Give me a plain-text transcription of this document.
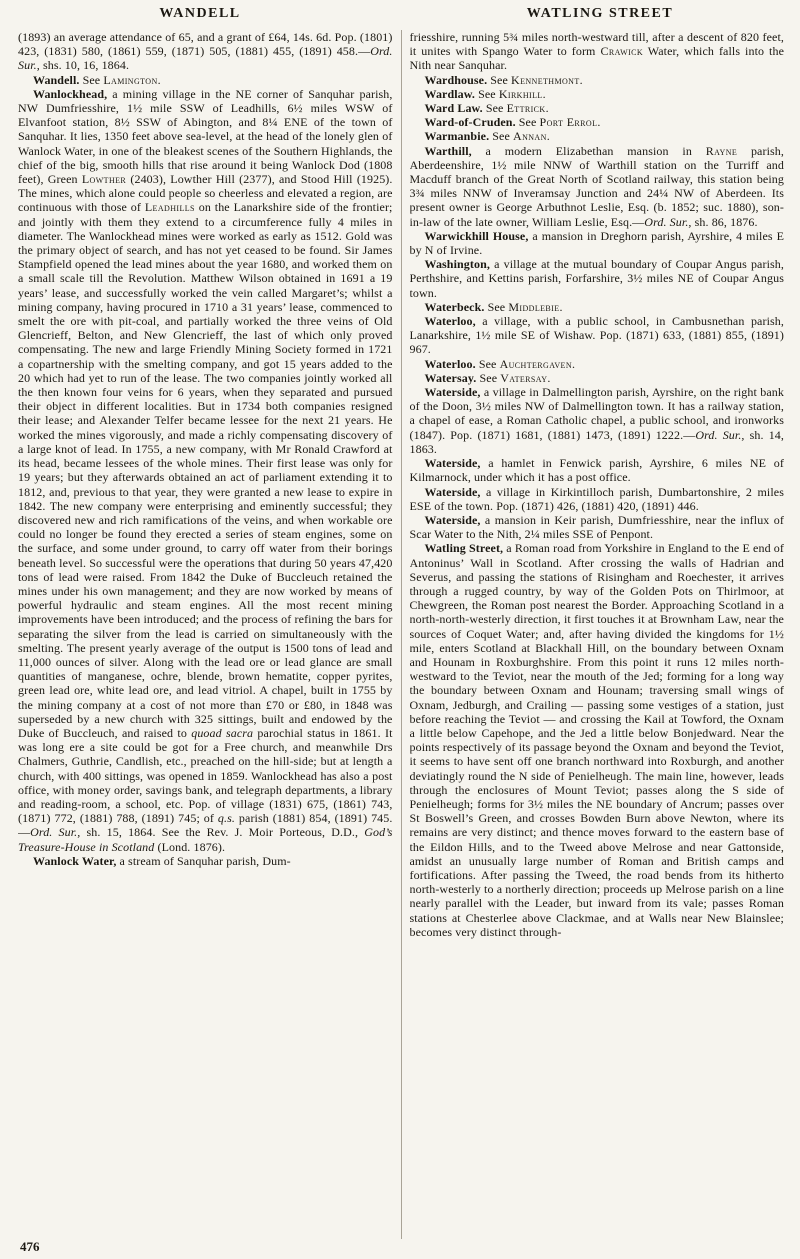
WANDELL	WATLING STREET

(1893) an average attendance of 65, and a grant of £64, 14s. 6d. Pop. (1801) 423, (1831) 580, (1861) 559, (1871) 505, (1881) 455, (1891) 458.—Ord. Sur., shs. 10, 16, 1864.

Wandell. See Lamington.

Wanlockhead, a mining village in the NE corner of Sanquhar parish, NW Dumfriesshire, 1½ mile SSW of Leadhills, 6½ miles WSW of Elvanfoot station, 8½ SSW of Abington, and 8¼ ENE of the town of Sanquhar. It lies, 1350 feet above sea-level, at the head of the lonely glen of Wanlock Water, in one of the bleakest scenes of the Southern Highlands, the chief of the big, smooth hills that rise around it being Wanlock Dod (1808 feet), Green Lowther (2403), Lowther Hill (2377), and Stood Hill (1925). The mines, which alone could people so cheerless and elevated a region, are continuous with those of Leadhills on the Lanarkshire side of the frontier; and jointly with them they extend to a circumference fully 4 miles in diameter. The Wanlockhead mines were worked as early as 1512. Gold was the primary object of search, and has not yet ceased to be found. Sir James Stampfield opened the lead mines about the year 1680, and worked them on a small scale till the Revolution. Matthew Wilson obtained in 1691 a 19 years’ lease, and successfully worked the vein called Margaret’s; whilst a mining company, having procured in 1710 a 31 years’ lease, commenced to smelt the ore with pit-coal, and partially worked the three veins of Old Glencrieff, Belton, and New Glencrieff, the last of which only proved compensating. The new and large Friendly Mining Society formed in 1721 a copartnership with the smelting company, and got 15 years added to the 20 which had yet to run of the lease. The two companies jointly worked all the then known four veins for 6 years, when they separated and pursued their object in different localities. But in 1734 both companies resigned their lease; and Alexander Telfer became lessee for the next 21 years. He worked the mines vigorously, and made a richly compensating discovery of a large knot of lead. In 1755, a new company, with Mr Ronald Crawford at its head, became lessees of the whole mines. Their first lease was only for 19 years; but they afterwards obtained an act of parliament extending it to 1812, and, previous to that year, they were granted a new lease to expire in 1842. The new company were enterprising and eminently successful; they discovered new and rich ramifications of the veins, and when workable ore could no longer be found they erected a series of steam engines, some on the surface, and some under ground, to carry off water from their borings beneath level. So successful were the operations that during 50 years 47,420 tons of lead were raised. From 1842 the Duke of Buccleuch retained the mines under his own management; and they are now worked by means of powerful hydraulic and steam engines. All the most recent mining improvements have been introduced; and the process of refining the bars for separating the silver from the lead is carried on simultaneously with the smelting. The present yearly average of the output is 1500 tons of lead and 11,000 ounces of silver. Along with the lead ore or lead glance are small quantities of manganese, ochre, blende, brown hematite, copper pyrites, green lead ore, white lead ore, and lead vitriol. A chapel, built in 1755 by the mining company at a cost of not more than £70 or £80, in 1848 was superseded by a new church with 325 sittings, built and endowed by the Duke of Buccleuch, and raised to quoad sacra parochial status in 1861. It was long ere a site could be got for a Free church, and meanwhile Drs Chalmers, Guthrie, Candlish, etc., preached on the hill-side; but at length a church, with 400 sittings, was opened in 1859. Wanlockhead has also a post office, with money order, savings bank, and telegraph departments, a library and reading-room, a school, etc. Pop. of village (1831) 675, (1861) 743, (1871) 772, (1881) 788, (1891) 745; of q.s. parish (1881) 854, (1891) 745.—Ord. Sur., sh. 15, 1864. See the Rev. J. Moir Porteous, D.D., God’s Treasure-House in Scotland (Lond. 1876).

Wanlock Water, a stream of Sanquhar parish, Dum-

friesshire, running 5¾ miles north-westward till, after a descent of 820 feet, it unites with Spango Water to form Crawick Water, which falls into the Nith near Sanquhar.

Wardhouse. See Kennethmont.

Wardlaw. See Kirkhill.

Ward Law. See Ettrick.

Ward-of-Cruden. See Port Errol.

Warmanbie. See Annan.

Warthill, a modern Elizabethan mansion in Rayne parish, Aberdeenshire, 1½ mile NNW of Warthill station on the Turriff and Macduff branch of the Great North of Scotland railway, this station being 3¾ miles NNW of Inveramsay Junction and 24¼ NW of Aberdeen. Its present owner is George Arbuthnot Leslie, Esq. (b. 1852; suc. 1880), son-in-law of the late owner, William Leslie, Esq.—Ord. Sur., sh. 86, 1876.

Warwickhill House, a mansion in Dreghorn parish, Ayrshire, 4 miles E by N of Irvine.

Washington, a village at the mutual boundary of Coupar Angus parish, Perthshire, and Kettins parish, Forfarshire, 3½ miles NE of Coupar Angus town.

Waterbeck. See Middlebie.

Waterloo, a village, with a public school, in Cambusnethan parish, Lanarkshire, 1½ mile SE of Wishaw. Pop. (1871) 633, (1881) 855, (1891) 967.

Waterloo. See Auchtergaven.

Watersay. See Vatersay.

Waterside, a village in Dalmellington parish, Ayrshire, on the right bank of the Doon, 3½ miles NW of Dalmellington town. It has a railway station, a chapel of ease, a Roman Catholic chapel, a public school, and ironworks (1847). Pop. (1871) 1681, (1881) 1473, (1891) 1222.—Ord. Sur., sh. 14, 1863.

Waterside, a hamlet in Fenwick parish, Ayrshire, 6 miles NE of Kilmarnock, under which it has a post office.

Waterside, a village in Kirkintilloch parish, Dumbartonshire, 2 miles ESE of the town. Pop. (1871) 426, (1881) 420, (1891) 446.

Waterside, a mansion in Keir parish, Dumfriesshire, near the influx of Scar Water to the Nith, 2¼ miles SSE of Penpont.

Watling Street, a Roman road from Yorkshire in England to the E end of Antoninus’ Wall in Scotland. After crossing the walls of Hadrian and Severus, and passing the stations of Risingham and Roechester, it arrives through a rugged country, by way of the Golden Pots on Thirlmoor, at Chewgreen, the Roman post nearest the Border. Approaching Scotland in a north-north-westerly direction, it first touches it at Brownham Law, near the sources of Coquet Water; and, after having divided the kingdoms for 1½ mile, enters Scotland at Blackhall Hill, on the boundary between Oxnam and Hounam in Roxburghshire. From this point it runs 12 miles north-westward to the Teviot, near the mouth of the Jed; forming for a long way the boundary between Oxnam and Hounam; traversing small wings of Oxnam, Jedburgh, and Crailing — passing some vestiges of a station, just before reaching the Teviot — and crossing the Kail at Towford, the Oxnam a little below Capehope, and the Jed a little below Bonjedward. Near the points respectively of its passage beyond the Oxnam and beyond the Teviot, it seems to have sent off one branch northward into Roxburgh, and another deviatingly round the N side of Penielheugh. The main line, however, leads through the enclosures of Mount Teviot; passes along the S side of Penielheugh; forms for 3½ miles the NE boundary of Ancrum; passes over St Boswell’s Green, and crosses Bowden Burn above Newton, where its remains are very distinct; and thence moves forward to the eastern base of the Eildon Hills, and to the Tweed above Melrose and near Gattonside, amidst an unusually large number of Roman and British camps and fortifications. After passing the Tweed, the road bends from its hitherto north-westerly to a northerly direction; proceeds up Melrose parish on a line nearly parallel with the Leader, but inward from its vale; passes Roman stations at Chesterlee above Clackmae, and at Walls near New Blainslee; becomes very distinct through-

476
